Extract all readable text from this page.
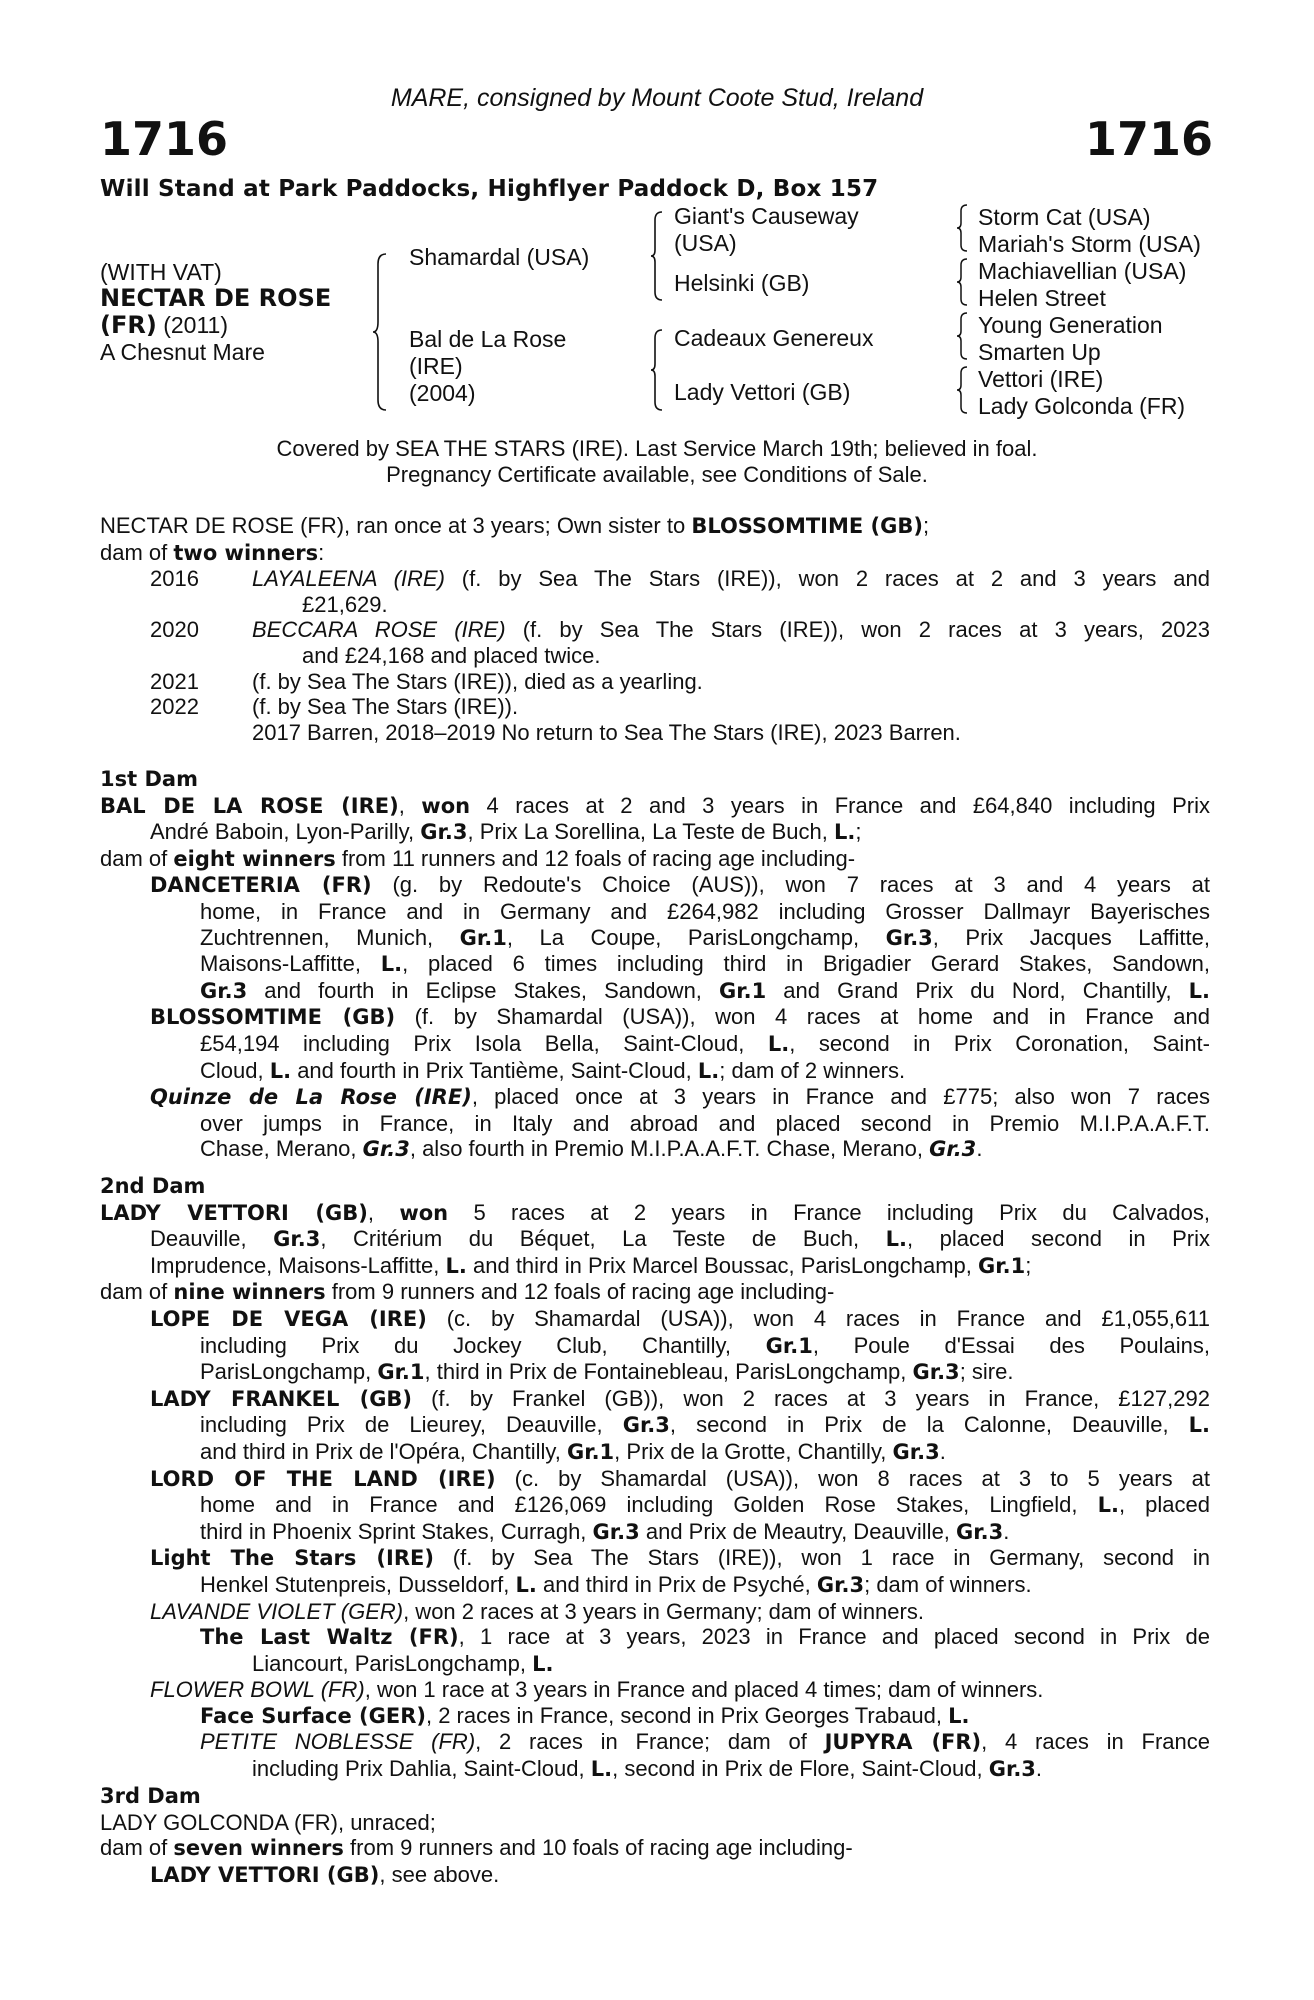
MARE, consigned by Mount Coote Stud, Ireland
1716	1716
Will Stand at Park Paddocks, Highflyer Paddock D, Box 157
(WITH VAT)
NECTAR DE ROSE
(FR) (2011)
A Chesnut Mare
Shamardal (USA)
Bal de La Rose
(IRE)
(2004)
Giant's Causeway
(USA)
Helsinki (GB)
Cadeaux Genereux
Lady Vettori (GB)
Storm Cat (USA)
Mariah's Storm (USA)
Machiavellian (USA)
Helen Street
Young Generation
Smarten Up
Vettori (IRE)
Lady Golconda (FR)
Covered by SEA THE STARS (IRE). Last Service March 19th; believed in foal.
Pregnancy Certificate available, see Conditions of Sale.
NECTAR DE ROSE (FR), ran once at 3 years; Own sister to BLOSSOMTIME (GB);
dam of two winners:
2016 LAYALEENA (IRE) (f. by Sea The Stars (IRE)), won 2 races at 2 and 3 years and
£21,629.
2020 BECCARA ROSE (IRE) (f. by Sea The Stars (IRE)), won 2 races at 3 years, 2023
and £24,168 and placed twice.
2021 (f. by Sea The Stars (IRE)), died as a yearling.
2022 (f. by Sea The Stars (IRE)).
2017 Barren, 2018–2019 No return to Sea The Stars (IRE), 2023 Barren.
1st Dam
BAL DE LA ROSE (IRE), won 4 races at 2 and 3 years in France and £64,840 including Prix
André Baboin, Lyon-Parilly, Gr.3, Prix La Sorellina, La Teste de Buch, L.;
dam of eight winners from 11 runners and 12 foals of racing age including-
DANCETERIA (FR) (g. by Redoute's Choice (AUS)), won 7 races at 3 and 4 years at
home, in France and in Germany and £264,982 including Grosser Dallmayr Bayerisches
Zuchtrennen, Munich, Gr.1, La Coupe, ParisLongchamp, Gr.3, Prix Jacques Laffitte,
Maisons-Laffitte, L., placed 6 times including third in Brigadier Gerard Stakes, Sandown,
Gr.3 and fourth in Eclipse Stakes, Sandown, Gr.1 and Grand Prix du Nord, Chantilly, L.
BLOSSOMTIME (GB) (f. by Shamardal (USA)), won 4 races at home and in France and
£54,194 including Prix Isola Bella, Saint-Cloud, L., second in Prix Coronation, Saint-
Cloud, L. and fourth in Prix Tantième, Saint-Cloud, L.; dam of 2 winners.
Quinze de La Rose (IRE), placed once at 3 years in France and £775; also won 7 races
over jumps in France, in Italy and abroad and placed second in Premio M.I.P.A.A.F.T.
Chase, Merano, Gr.3, also fourth in Premio M.I.P.A.A.F.T. Chase, Merano, Gr.3.
2nd Dam
LADY VETTORI (GB), won 5 races at 2 years in France including Prix du Calvados,
Deauville, Gr.3, Critérium du Béquet, La Teste de Buch, L., placed second in Prix
Imprudence, Maisons-Laffitte, L. and third in Prix Marcel Boussac, ParisLongchamp, Gr.1;
dam of nine winners from 9 runners and 12 foals of racing age including-
LOPE DE VEGA (IRE) (c. by Shamardal (USA)), won 4 races in France and £1,055,611
including Prix du Jockey Club, Chantilly, Gr.1, Poule d'Essai des Poulains,
ParisLongchamp, Gr.1, third in Prix de Fontainebleau, ParisLongchamp, Gr.3; sire.
LADY FRANKEL (GB) (f. by Frankel (GB)), won 2 races at 3 years in France, £127,292
including Prix de Lieurey, Deauville, Gr.3, second in Prix de la Calonne, Deauville, L.
and third in Prix de l'Opéra, Chantilly, Gr.1, Prix de la Grotte, Chantilly, Gr.3.
LORD OF THE LAND (IRE) (c. by Shamardal (USA)), won 8 races at 3 to 5 years at
home and in France and £126,069 including Golden Rose Stakes, Lingfield, L., placed
third in Phoenix Sprint Stakes, Curragh, Gr.3 and Prix de Meautry, Deauville, Gr.3.
Light The Stars (IRE) (f. by Sea The Stars (IRE)), won 1 race in Germany, second in
Henkel Stutenpreis, Dusseldorf, L. and third in Prix de Psyché, Gr.3; dam of winners.
LAVANDE VIOLET (GER), won 2 races at 3 years in Germany; dam of winners.
The Last Waltz (FR), 1 race at 3 years, 2023 in France and placed second in Prix de
Liancourt, ParisLongchamp, L.
FLOWER BOWL (FR), won 1 race at 3 years in France and placed 4 times; dam of winners.
Face Surface (GER), 2 races in France, second in Prix Georges Trabaud, L.
PETITE NOBLESSE (FR), 2 races in France; dam of JUPYRA (FR), 4 races in France
including Prix Dahlia, Saint-Cloud, L., second in Prix de Flore, Saint-Cloud, Gr.3.
3rd Dam
LADY GOLCONDA (FR), unraced;
dam of seven winners from 9 runners and 10 foals of racing age including-
LADY VETTORI (GB), see above.
